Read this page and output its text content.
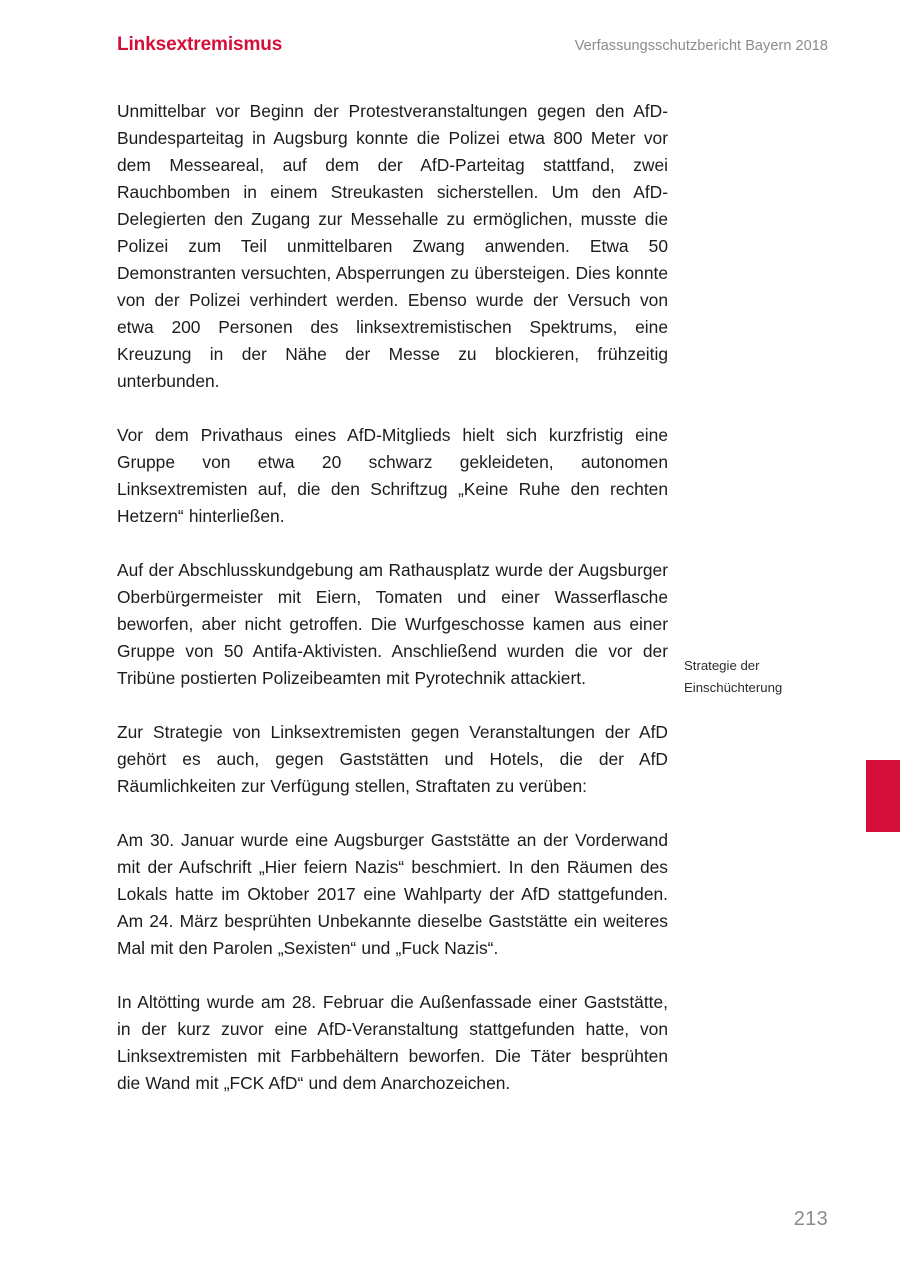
Linksextremismus	Verfassungsschutzbericht Bayern 2018

Unmittelbar vor Beginn der Protestveranstaltungen gegen den AfD-Bundesparteitag in Augsburg konnte die Polizei etwa 800 Meter vor dem Messeareal, auf dem der AfD-Parteitag stattfand, zwei Rauchbomben in einem Streukasten sicherstellen. Um den AfD-Delegierten den Zugang zur Messehalle zu ermöglichen, musste die Polizei zum Teil unmittelbaren Zwang anwenden. Etwa 50 Demonstranten versuchten, Absperrungen zu übersteigen. Dies konnte von der Polizei verhindert werden. Ebenso wurde der Versuch von etwa 200 Personen des linksextremistischen Spektrums, eine Kreuzung in der Nähe der Messe zu blockieren, frühzeitig unterbunden.

Vor dem Privathaus eines AfD-Mitglieds hielt sich kurzfristig eine Gruppe von etwa 20 schwarz gekleideten, autonomen Linksextremisten auf, die den Schriftzug „Keine Ruhe den rechten Hetzern“ hinterließen.

Auf der Abschlusskundgebung am Rathausplatz wurde der Augsburger Oberbürgermeister mit Eiern, Tomaten und einer Wasserflasche beworfen, aber nicht getroffen. Die Wurfgeschosse kamen aus einer Gruppe von 50 Antifa-Aktivisten. Anschließend wurden die vor der Tribüne postierten Polizeibeamten mit Pyrotechnik attackiert.

Zur Strategie von Linksextremisten gegen Veranstaltungen der AfD gehört es auch, gegen Gaststätten und Hotels, die der AfD Räumlichkeiten zur Verfügung stellen, Straftaten zu verüben:

Am 30. Januar wurde eine Augsburger Gaststätte an der Vorderwand mit der Aufschrift „Hier feiern Nazis“ beschmiert. In den Räumen des Lokals hatte im Oktober 2017 eine Wahlparty der AfD stattgefunden. Am 24. März besprühten Unbekannte dieselbe Gaststätte ein weiteres Mal mit den Parolen „Sexisten“ und „Fuck Nazis“.

In Altötting wurde am 28. Februar die Außenfassade einer Gaststätte, in der kurz zuvor eine AfD-Veranstaltung stattgefunden hatte, von Linksextremisten mit Farbbehältern beworfen. Die Täter besprühten die Wand mit „FCK AfD“ und dem Anarchozeichen.

Strategie der
Einschüchterung
213
